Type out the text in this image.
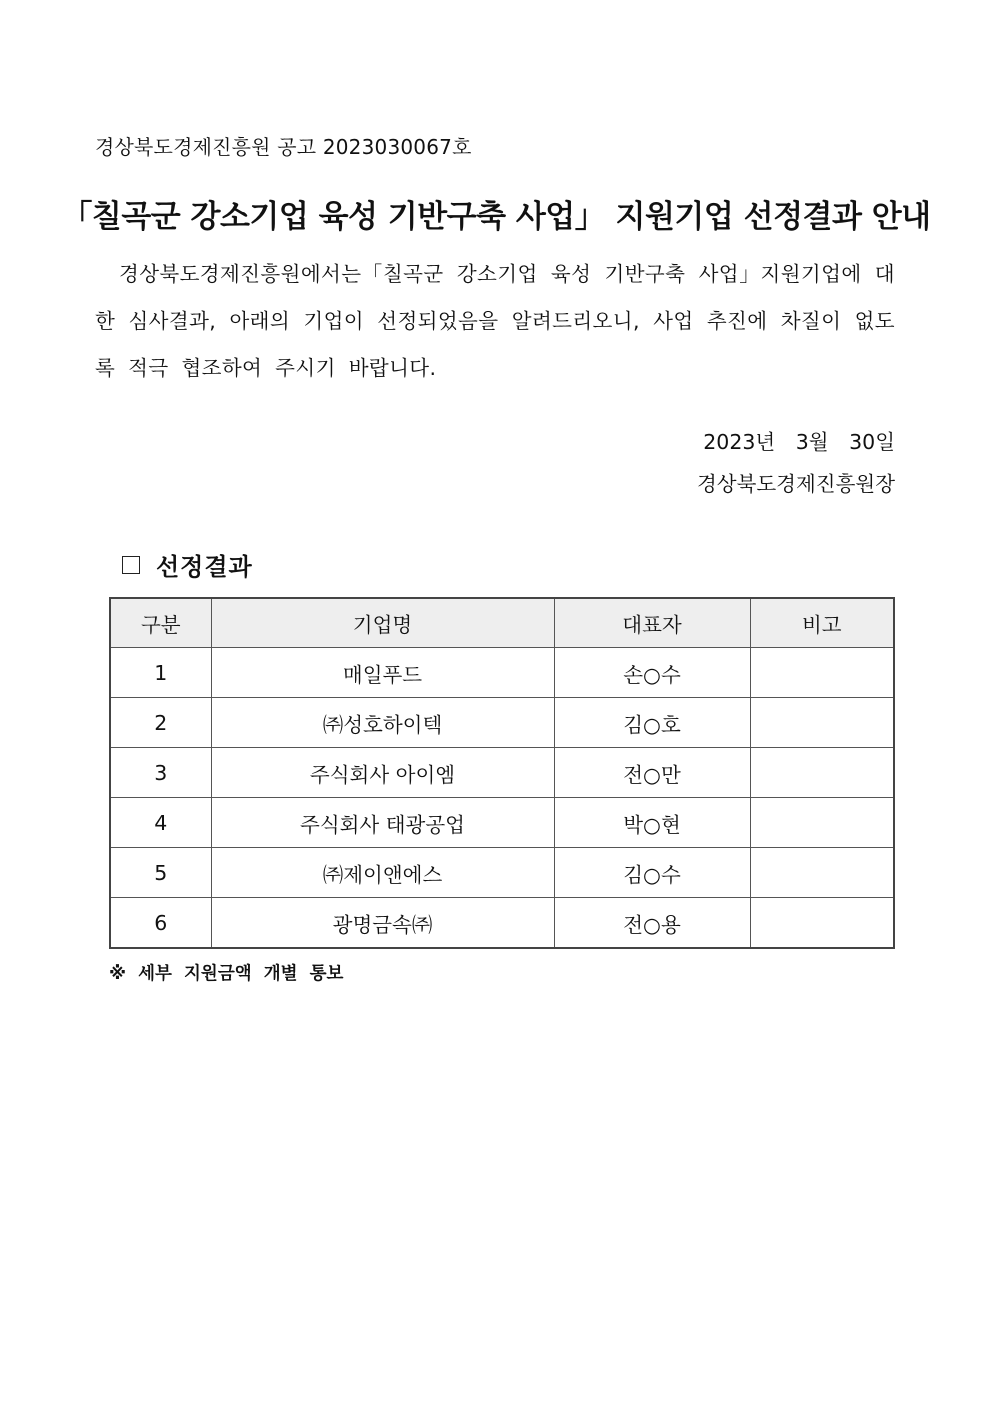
경상북도경제진흥원 공고 2023030067호
「칠곡군 강소기업 육성 기반구축 사업」 지원기업 선정결과 안내
경상북도경제진흥원에서는「칠곡군 강소기업 육성 기반구축 사업」지원기업에 대한 심사결과, 아래의 기업이 선정되었음을 알려드리오니, 사업 추진에 차질이 없도록 적극 협조하여 주시기 바랍니다.
2023년 3월 30일
경상북도경제진흥원장
선정결과
구분	기업명	대표자	비고
1	매일푸드	손○수	
2	㈜성호하이텍	김○호	
3	주식회사 아이엠	전○만	
4	주식회사 태광공업	박○현	
5	㈜제이앤에스	김○수	
6	광명금속㈜	전○용	
※ 세부 지원금액 개별 통보
